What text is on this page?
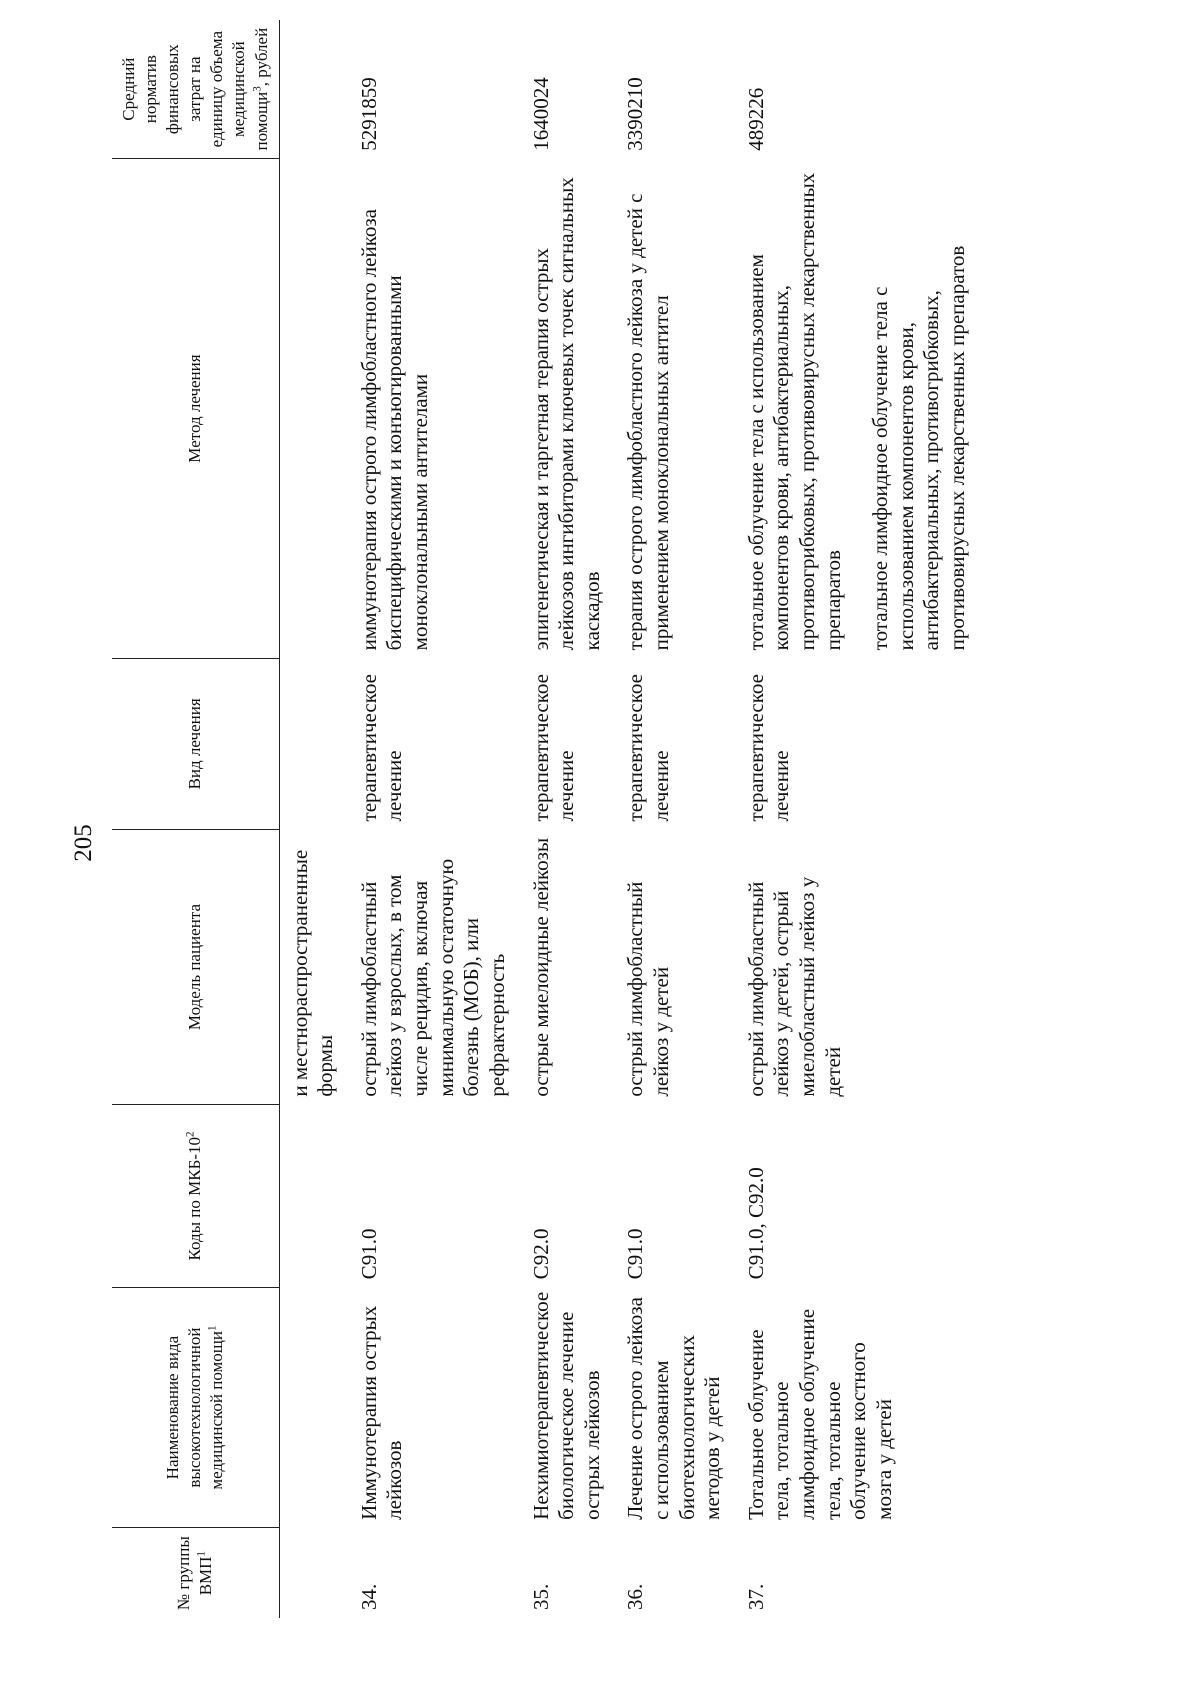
205
№ группы ВМП$^1$	Наименование вида высокотехнологичной медицинской помощи$^1$	Коды по МКБ-$10^2$	Модель пациента	Вид лечения	Метод лечения	Средний норматив финансовых затрат на единицу объема медицинской помощи$^3$, рублей
			и местнораспространенные формы			
34.	Иммунотерапия острых лейкозов	C91.0	острый лимфобластный лейкоз у взрослых, в том числе рецидив, включая минимальную остаточную болезнь (МОБ), или рефрактерность	терапевтическое лечение	иммунотерапия острого лимфобластного лейкоза биспецифическими и конъюгированными моноклональными антителами	5291859
35.	Нехимиотерапевтическое биологическое лечение острых лейкозов	C92.0	острые миелоидные лейкозы	терапевтическое лечение	эпигенетическая и таргетная терапия острых лейкозов ингибиторами ключевых точек сигнальных каскадов	1640024
36.	Лечение острого лейкоза с использованием биотехнологических методов у детей	C91.0	острый лимфобластный лейкоз у детей	терапевтическое лечение	терапия острого лимфобластного лейкоза у детей с применением моноклональных антител	3390210
37.	Тотальное облучение тела, тотальное лимфоидное облучение тела, тотальное облучение костного мозга у детей	C91.0, C92.0	острый лимфобластный лейкоз у детей, острый миелобластный лейкоз у детей	терапевтическое лечение	тотальное облучение тела с использованием компонентов крови, антибактериальных, противогрибковых, противовирусных лекарственных препаратов тотальное лимфоидное облучение тела с использованием компонентов крови, антибактериальных, противогрибковых, противовирусных лекарственных препаратов	489226
